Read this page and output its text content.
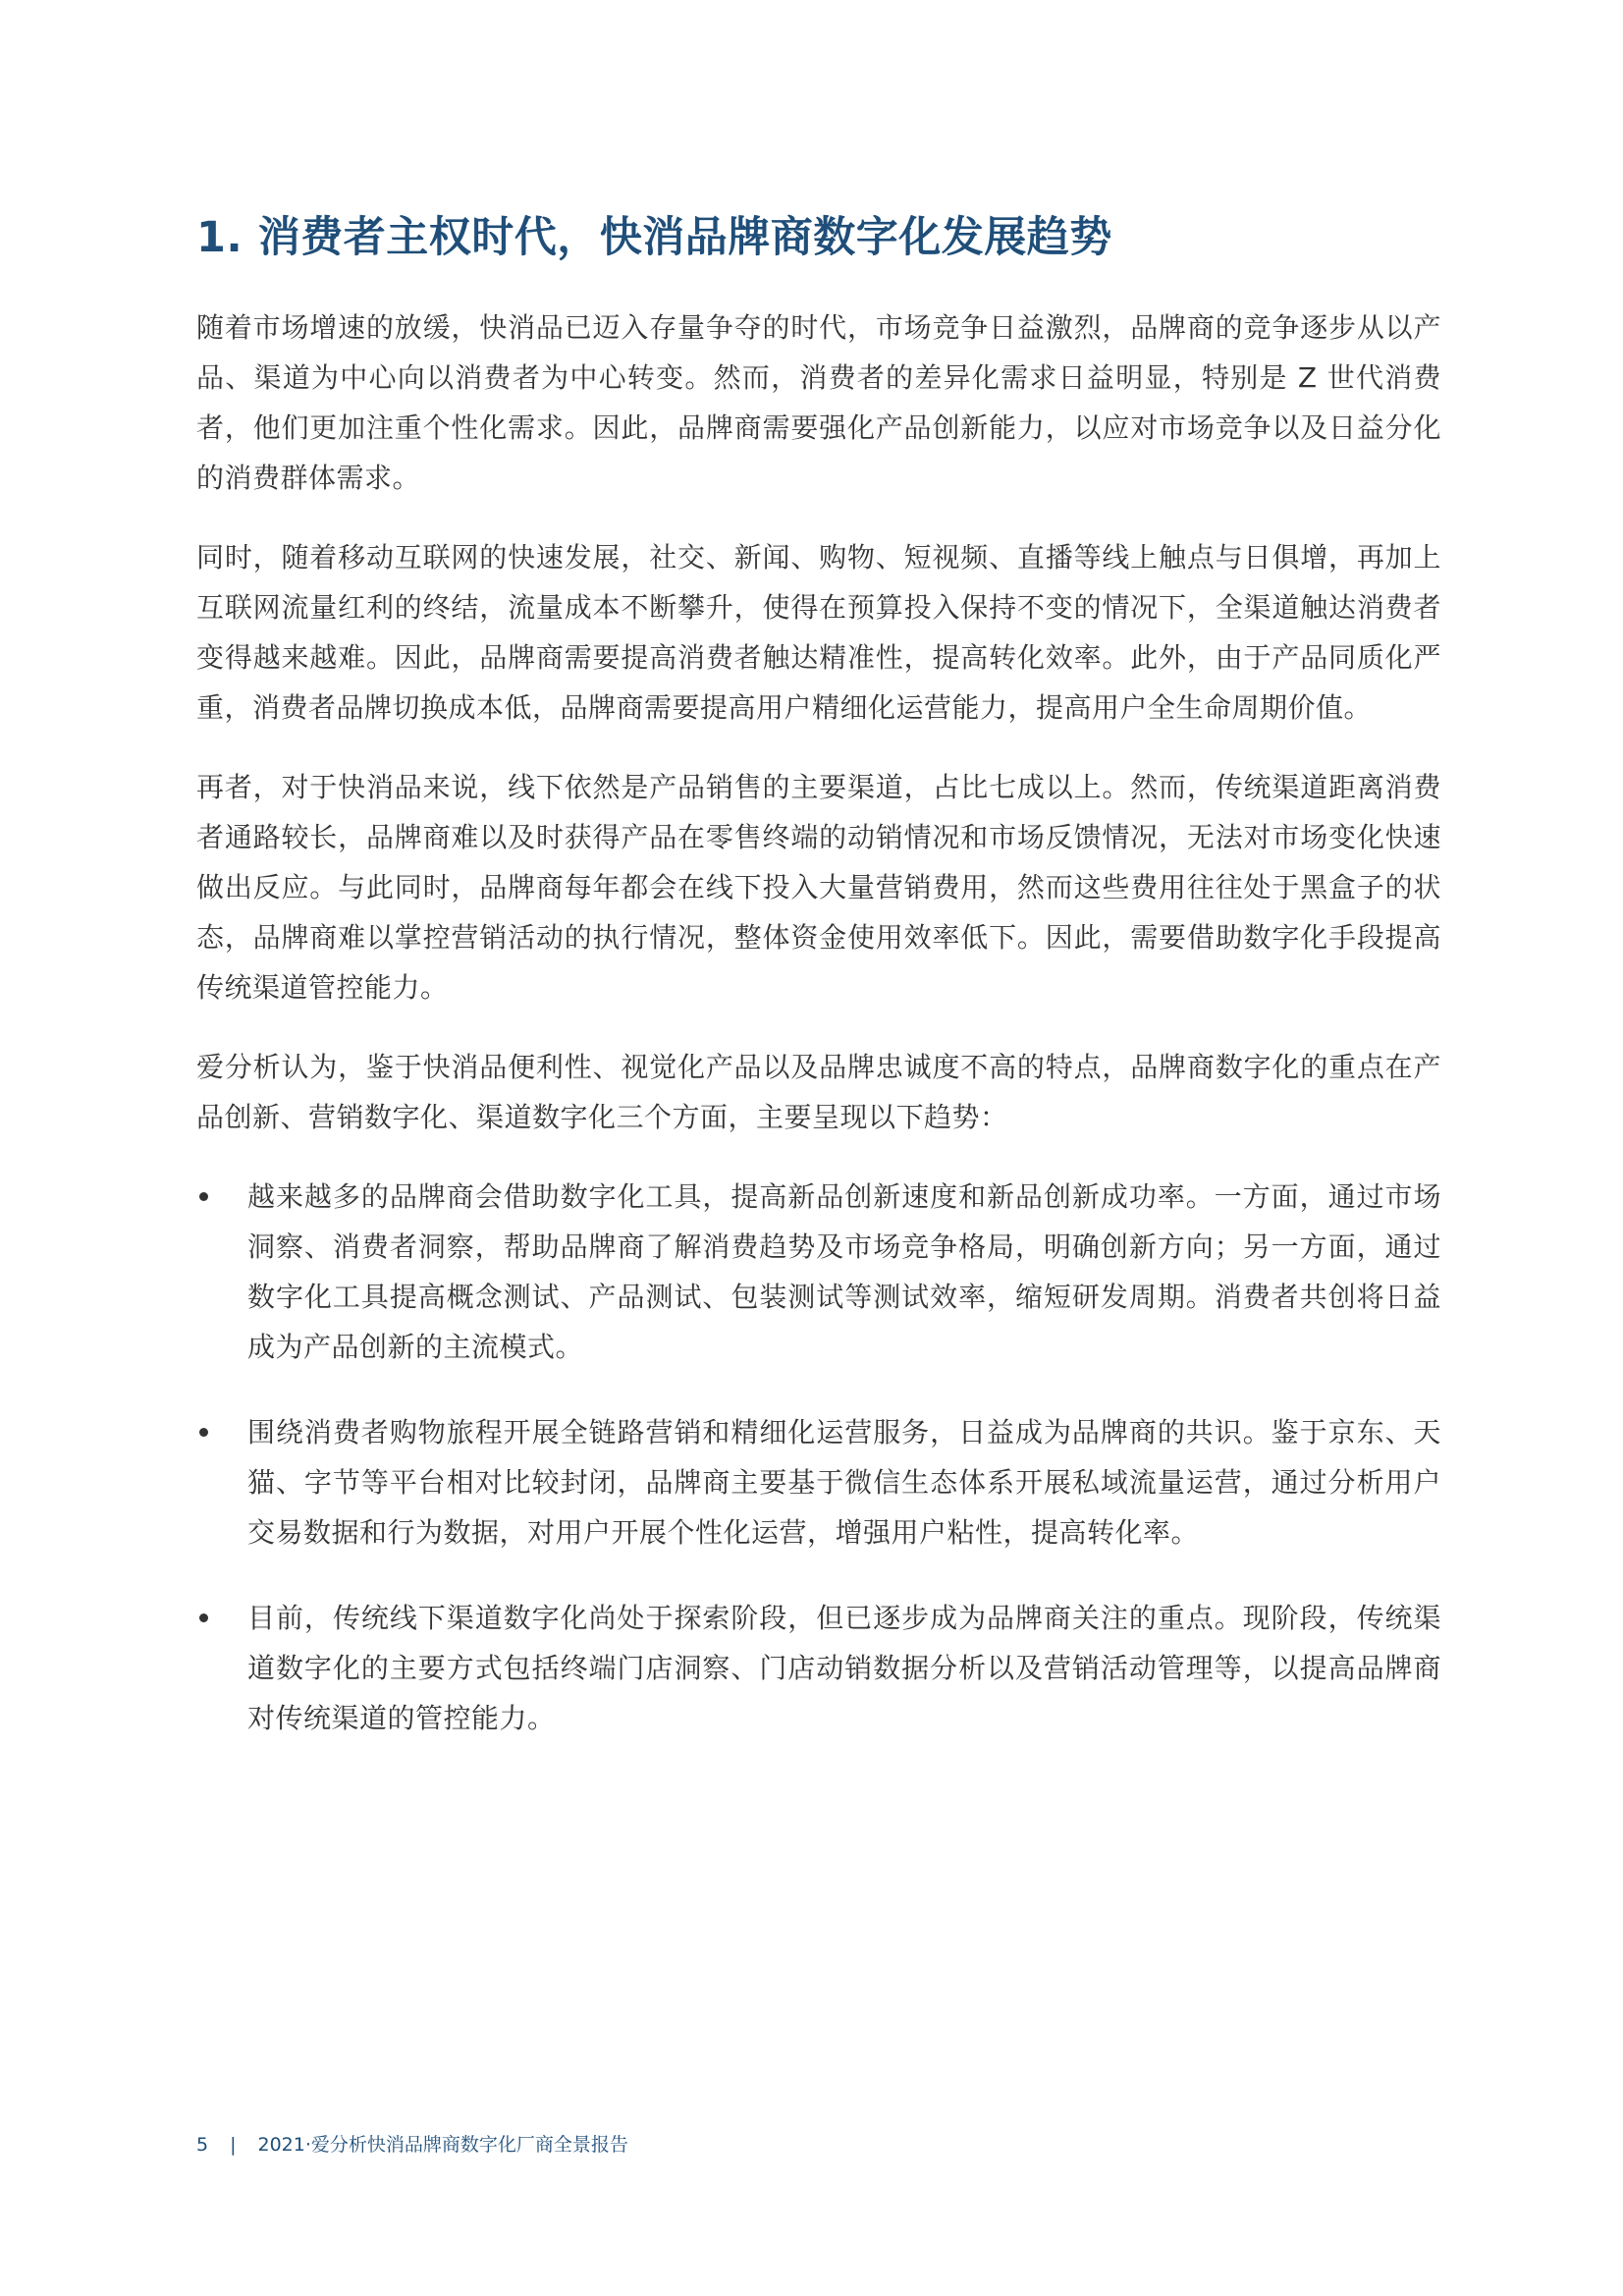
1. 消费者主权时代，快消品牌商数字化发展趋势

随着市场增速的放缓，快消品已迈入存量争夺的时代，市场竞争日益激烈，品牌商的竞争逐步从以产品、渠道为中心向以消费者为中心转变。然而，消费者的差异化需求日益明显，特别是 Z 世代消费者，他们更加注重个性化需求。因此，品牌商需要强化产品创新能力，以应对市场竞争以及日益分化的消费群体需求。

同时，随着移动互联网的快速发展，社交、新闻、购物、短视频、直播等线上触点与日俱增，再加上互联网流量红利的终结，流量成本不断攀升，使得在预算投入保持不变的情况下，全渠道触达消费者变得越来越难。因此，品牌商需要提高消费者触达精准性，提高转化效率。此外，由于产品同质化严重，消费者品牌切换成本低，品牌商需要提高用户精细化运营能力，提高用户全生命周期价值。

再者，对于快消品来说，线下依然是产品销售的主要渠道，占比七成以上。然而，传统渠道距离消费者通路较长，品牌商难以及时获得产品在零售终端的动销情况和市场反馈情况，无法对市场变化快速做出反应。与此同时，品牌商每年都会在线下投入大量营销费用，然而这些费用往往处于黑盒子的状态，品牌商难以掌控营销活动的执行情况，整体资金使用效率低下。因此，需要借助数字化手段提高传统渠道管控能力。

爱分析认为，鉴于快消品便利性、视觉化产品以及品牌忠诚度不高的特点，品牌商数字化的重点在产品创新、营销数字化、渠道数字化三个方面，主要呈现以下趋势：

越来越多的品牌商会借助数字化工具，提高新品创新速度和新品创新成功率。一方面，通过市场洞察、消费者洞察，帮助品牌商了解消费趋势及市场竞争格局，明确创新方向；另一方面，通过数字化工具提高概念测试、产品测试、包装测试等测试效率，缩短研发周期。消费者共创将日益成为产品创新的主流模式。
围绕消费者购物旅程开展全链路营销和精细化运营服务，日益成为品牌商的共识。鉴于京东、天猫、字节等平台相对比较封闭，品牌商主要基于微信生态体系开展私域流量运营，通过分析用户交易数据和行为数据，对用户开展个性化运营，增强用户粘性，提高转化率。
目前，传统线下渠道数字化尚处于探索阶段，但已逐步成为品牌商关注的重点。现阶段，传统渠道数字化的主要方式包括终端门店洞察、门店动销数据分析以及营销活动管理等，以提高品牌商对传统渠道的管控能力。
5 | 2021·爱分析快消品牌商数字化厂商全景报告
